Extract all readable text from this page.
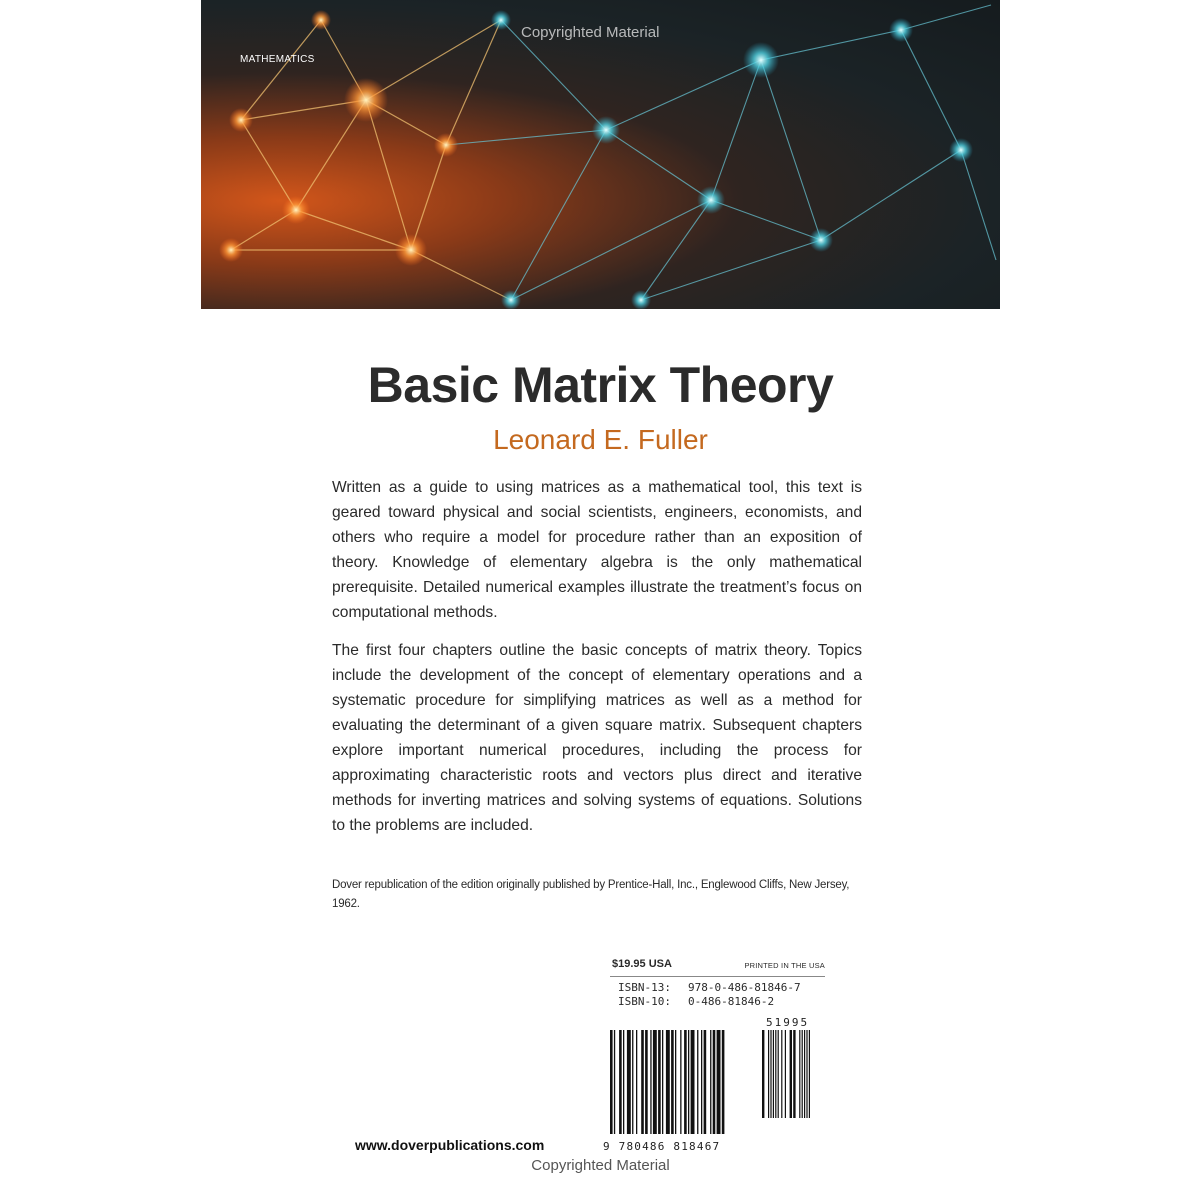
MATHEMATICS
Copyrighted Material
Basic Matrix Theory
Leonard E. Fuller

Written as a guide to using matrices as a mathematical tool, this text is geared toward physical and social scientists, engineers, economists, and others who require a model for procedure rather than an exposition of theory. Knowledge of elementary algebra is the only mathematical prerequisite. Detailed numerical examples illustrate the treatment’s focus on computational methods.

The first four chapters outline the basic concepts of matrix theory. Topics include the development of the concept of elementary operations and a systematic procedure for simplifying matrices as well as a method for evaluating the determinant of a given square matrix. Subsequent chapters explore important numerical procedures, including the process for approximating characteristic roots and vectors plus direct and iterative methods for inverting matrices and solving systems of equations. Solutions to the problems are included.

Dover republication of the edition originally published by Prentice-Hall, Inc., Englewood Cliffs, New Jersey, 1962.
$19.95 USA	PRINTED IN THE USA
ISBN-13: 978-0-486-81846-7
ISBN-10: 0-486-81846-2
51995
9 780486 818467
www.doverpublications.com
Copyrighted Material
